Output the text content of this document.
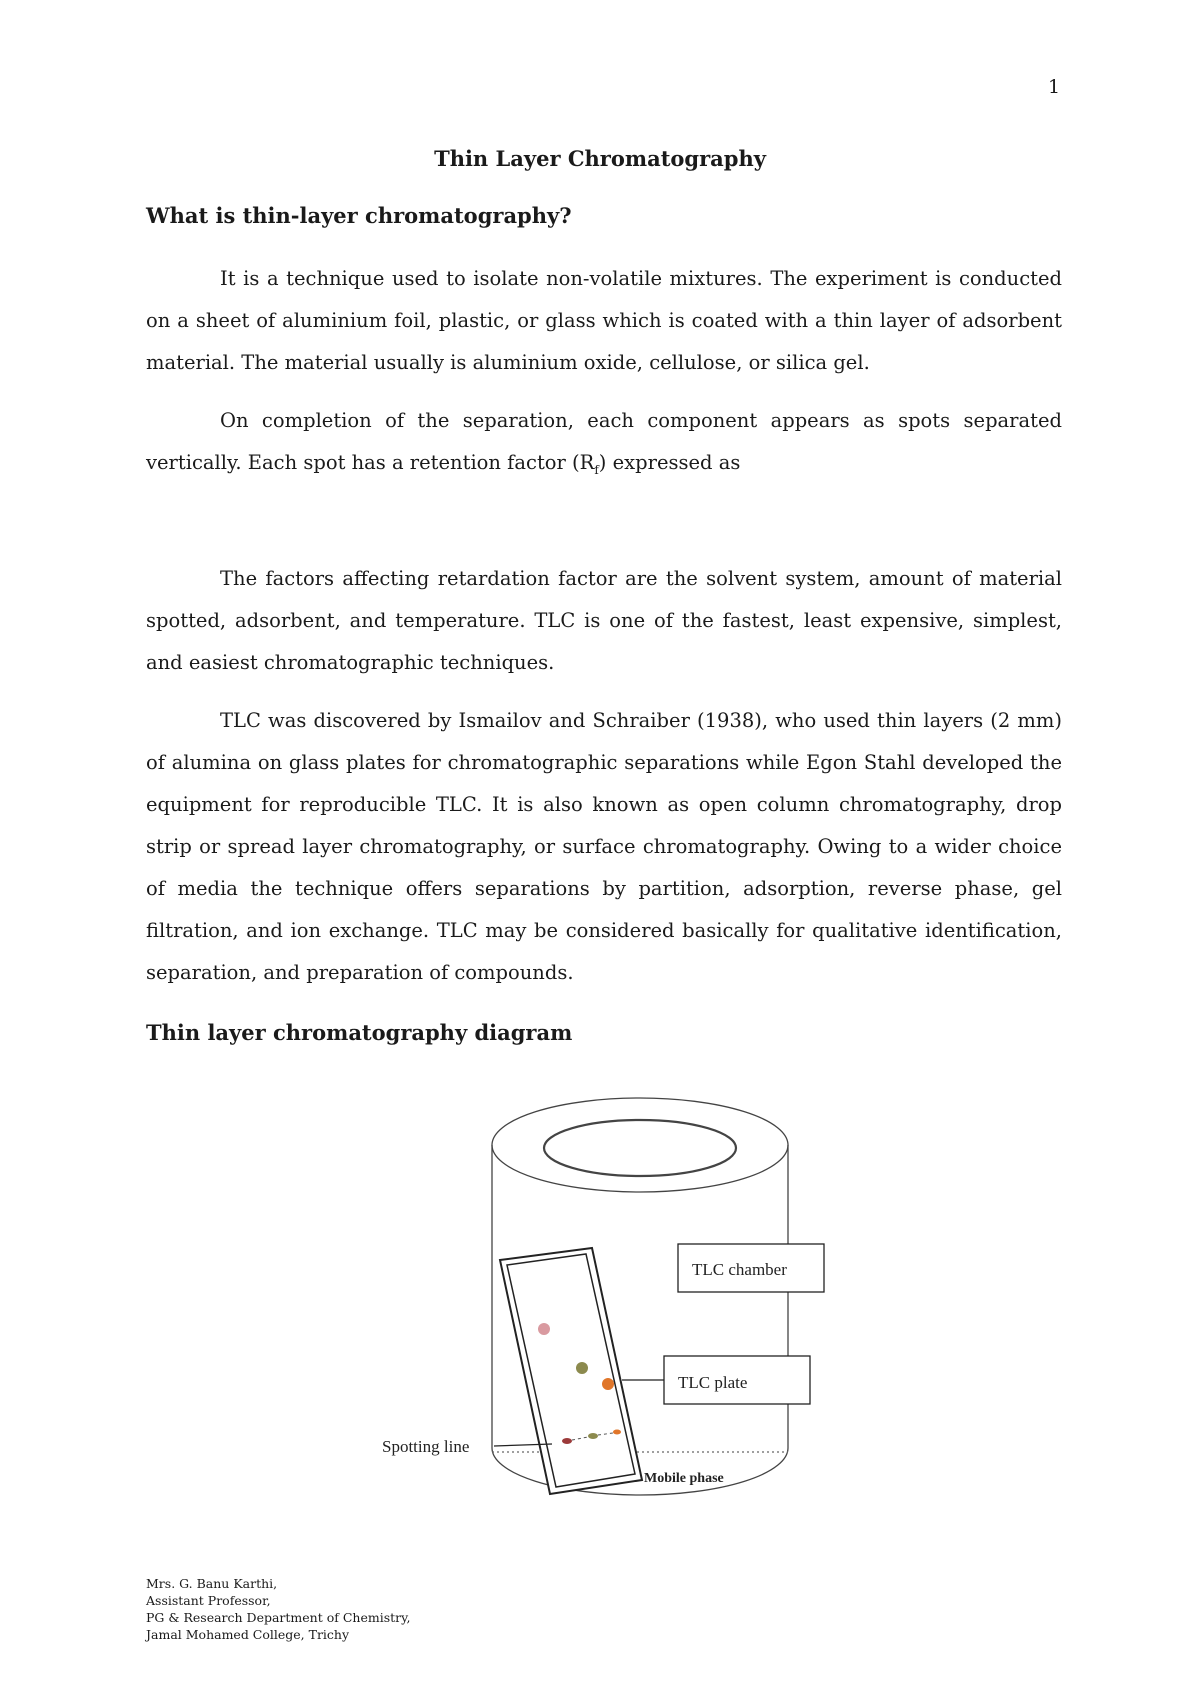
1
Thin Layer Chromatography
What is thin-layer chromatography?

It is a technique used to isolate non-volatile mixtures. The experiment is conducted on a sheet of aluminium foil, plastic, or glass which is coated with a thin layer of adsorbent material. The material usually is aluminium oxide, cellulose, or silica gel.

On completion of the separation, each component appears as spots separated vertically. Each spot has a retention factor $(R_f)$ expressed as

The factors affecting retardation factor are the solvent system, amount of material spotted, adsorbent, and temperature. TLC is one of the fastest, least expensive, simplest, and easiest chromatographic techniques.

TLC was discovered by Ismailov and Schraiber (1938), who used thin layers (2 mm) of alumina on glass plates for chromatographic separations while Egon Stahl developed the equipment for reproducible TLC. It is also known as open column chromatography, drop strip or spread layer chromatography, or surface chromatography. Owing to a wider choice of media the technique offers separations by partition, adsorption, reverse phase, gel filtration, and ion exchange. TLC may be considered basically for qualitative identification, separation, and preparation of compounds.

Thin layer chromatography diagram
TLC chamber
TLC plate
Spotting line
Mobile phase
Mrs. G. Banu Karthi,
Assistant Professor,
PG & Research Department of Chemistry,
Jamal Mohamed College, Trichy
